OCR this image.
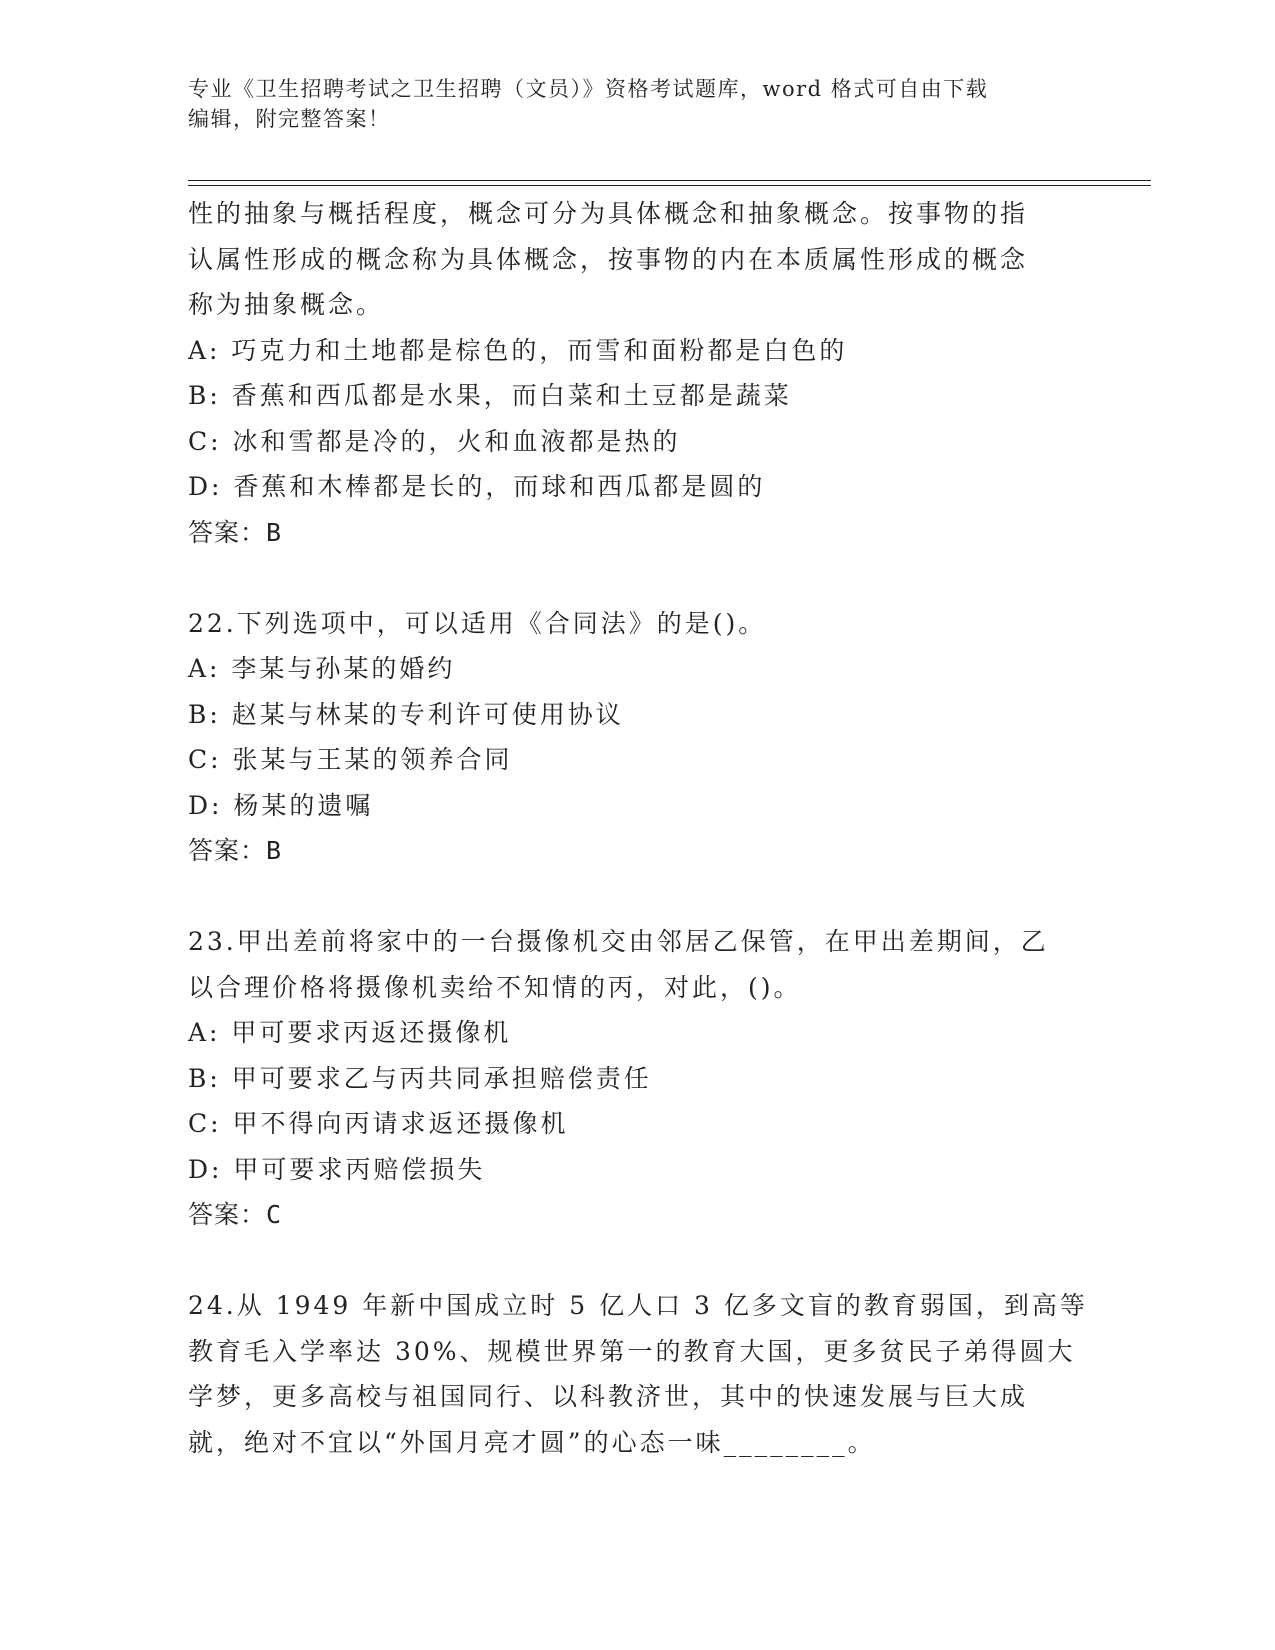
专业《卫生招聘考试之卫生招聘（文员）》资格考试题库，word 格式可自由下载
编辑，附完整答案！
性的抽象与概括程度，概念可分为具体概念和抽象概念。按事物的指
认属性形成的概念称为具体概念，按事物的内在本质属性形成的概念
称为抽象概念。
A: 巧克力和土地都是棕色的，而雪和面粉都是白色的
B: 香蕉和西瓜都是水果，而白菜和土豆都是蔬菜
C: 冰和雪都是冷的，火和血液都是热的
D: 香蕉和木棒都是长的，而球和西瓜都是圆的
答案：B
22.下列选项中，可以适用《合同法》的是()。
A: 李某与孙某的婚约
B: 赵某与林某的专利许可使用协议
C: 张某与王某的领养合同
D: 杨某的遗嘱
答案：B
23.甲出差前将家中的一台摄像机交由邻居乙保管，在甲出差期间，乙
以合理价格将摄像机卖给不知情的丙，对此，()。
A: 甲可要求丙返还摄像机
B: 甲可要求乙与丙共同承担赔偿责任
C: 甲不得向丙请求返还摄像机
D: 甲可要求丙赔偿损失
答案：C
24.从 1949 年新中国成立时 5 亿人口 3 亿多文盲的教育弱国，到高等
教育毛入学率达 30%、规模世界第一的教育大国，更多贫民子弟得圆大
学梦，更多高校与祖国同行、以科教济世，其中的快速发展与巨大成
就，绝对不宜以“外国月亮才圆”的心态一味________。
